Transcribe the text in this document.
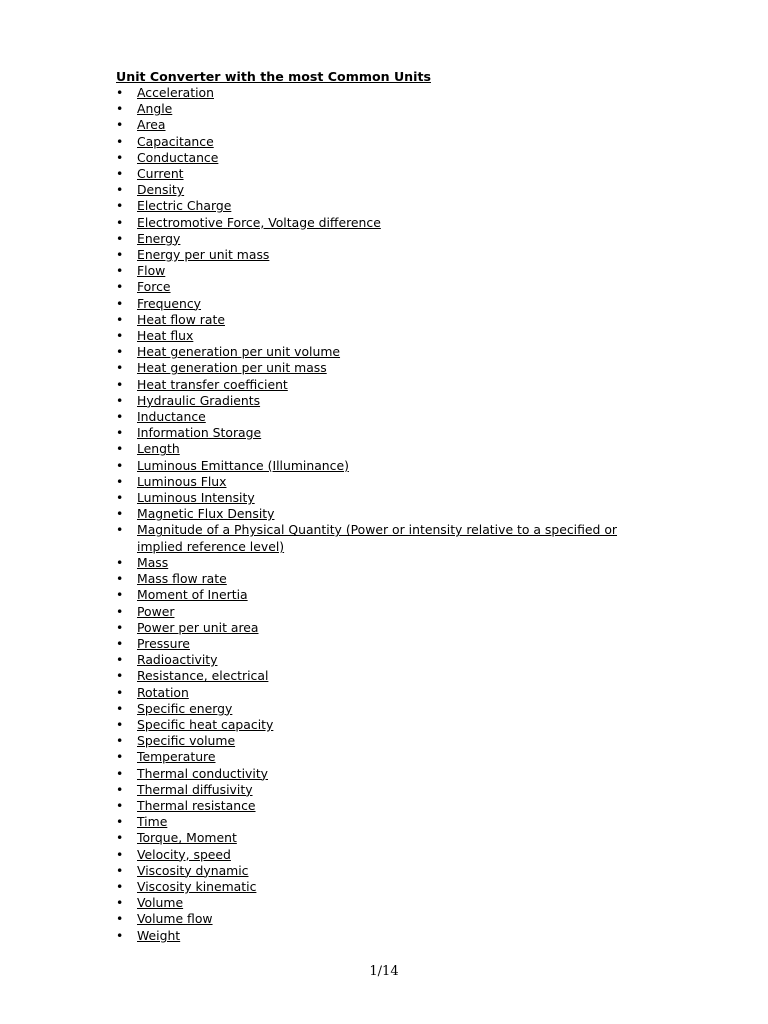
Unit Converter with the most Common Units
•	Acceleration
•	Angle
•	Area
•	Capacitance
•	Conductance
•	Current
•	Density
•	Electric Charge
•	Electromotive Force, Voltage difference
•	Energy
•	Energy per unit mass
•	Flow
•	Force
•	Frequency
•	Heat flow rate
•	Heat flux
•	Heat generation per unit volume
•	Heat generation per unit mass
•	Heat transfer coefficient
•	Hydraulic Gradients
•	Inductance
•	Information Storage
•	Length
•	Luminous Emittance (Illuminance)
•	Luminous Flux
•	Luminous Intensity
•	Magnetic Flux Density
•	Magnitude of a Physical Quantity (Power or intensity relative to a specified or implied reference level)
•	Mass
•	Mass flow rate
•	Moment of Inertia
•	Power
•	Power per unit area
•	Pressure
•	Radioactivity
•	Resistance, electrical
•	Rotation
•	Specific energy
•	Specific heat capacity
•	Specific volume
•	Temperature
•	Thermal conductivity
•	Thermal diffusivity
•	Thermal resistance
•	Time
•	Torque, Moment
•	Velocity, speed
•	Viscosity dynamic
•	Viscosity kinematic
•	Volume
•	Volume flow
•	Weight
1/14
